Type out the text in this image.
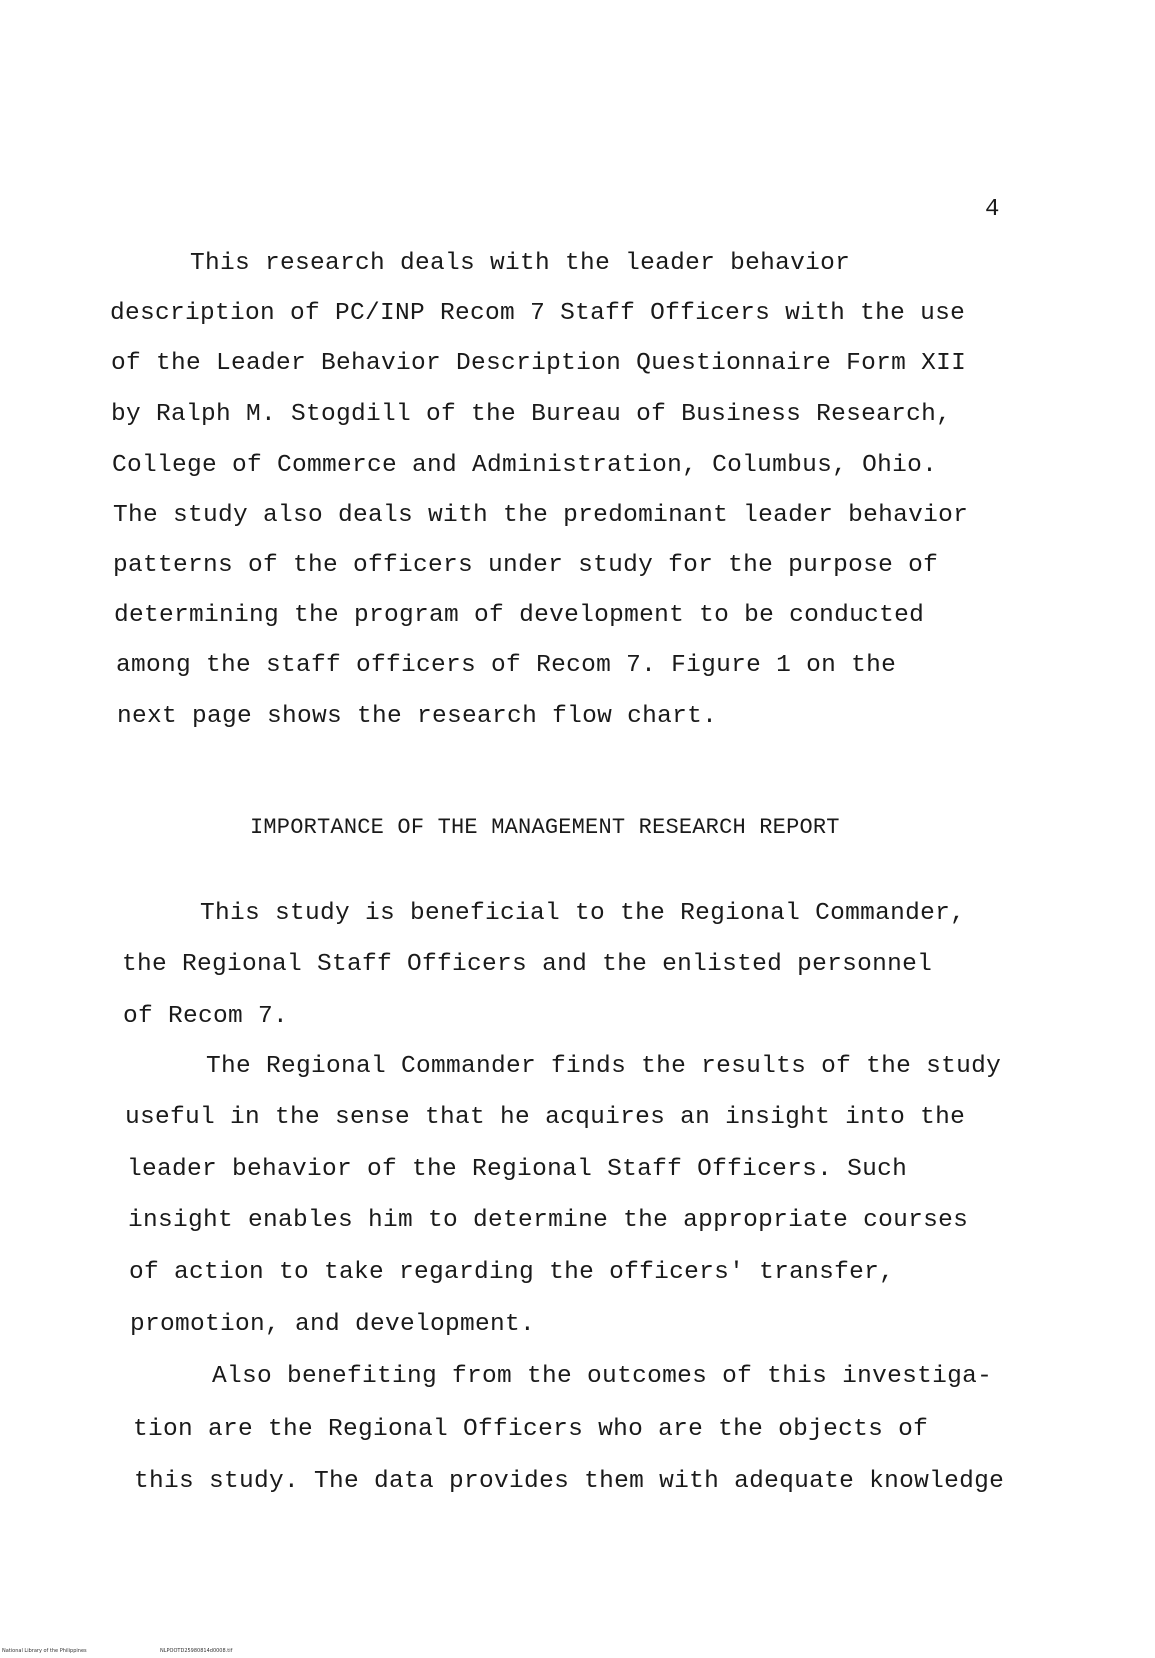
4
This research deals with the leader behavior
description of PC/INP Recom 7 Staff Officers with the use
of the Leader Behavior Description Questionnaire Form XII
by Ralph M. Stogdill of the Bureau of Business Research,
College of Commerce and Administration, Columbus, Ohio.
The study also deals with the predominant leader behavior
patterns of the officers under study for the purpose of
determining the program of development to be conducted
among the staff officers of Recom 7. Figure 1 on the
next page shows the research flow chart.
IMPORTANCE OF THE MANAGEMENT RESEARCH REPORT
This study is beneficial to the Regional Commander,
the Regional Staff Officers and the enlisted personnel
of Recom 7.
The Regional Commander finds the results of the study
useful in the sense that he acquires an insight into the
leader behavior of the Regional Staff Officers. Such
insight enables him to determine the appropriate courses
of action to take regarding the officers' transfer,
promotion, and development.
Also benefiting from the outcomes of this investiga-
tion are the Regional Officers who are the objects of
this study. The data provides them with adequate knowledge
National Library of the Philippines	NLPOOTD25980814d0008.tif
